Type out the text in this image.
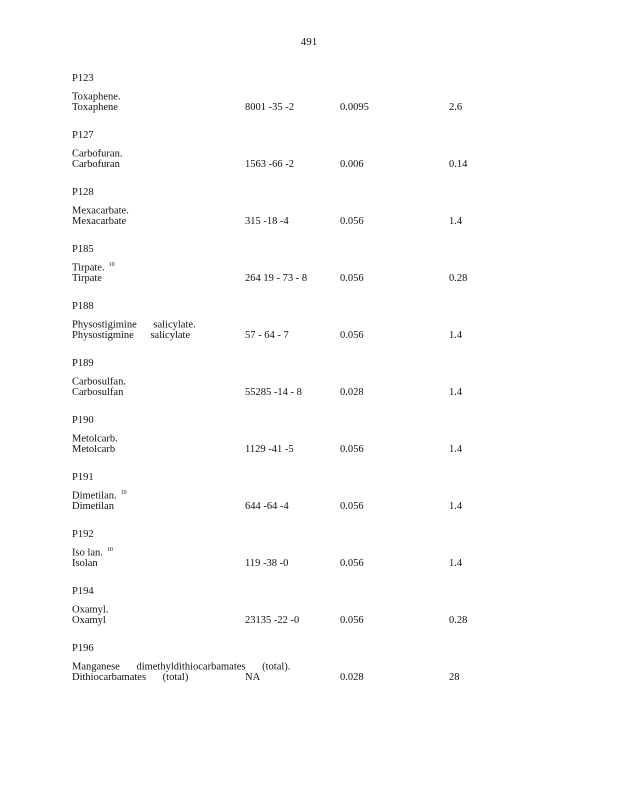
491
P123
Toxaphene.
Toxaphene	8001 -35 -2	0.0095	2.6
P127
Carbofuran.
Carbofuran	1563 -66 -2	0.006	0.14
P128
Mexacarbate.
Mexacarbate	315 -18 -4	0.056	1.4
P185
Tirpate. $^{10}$
Tirpate	264 19 - 73 - 8	0.056	0.28
P188
Physostigimine salicylate.
Physostigmine salicylate	57 - 64 - 7	0.056	1.4
P189
Carbosulfan.
Carbosulfan	55285 -14 - 8	0.028	1.4
P190
Metolcarb.
Metolcarb	1129 -41 -5	0.056	1.4
P191
Dimetilan. $^{10}$
Dimetilan	644 -64 -4	0.056	1.4
P192
Iso lan. $^{10}$
Isolan	119 -38 -0	0.056	1.4
P194
Oxamyl.
Oxamyl	23135 -22 -0	0.056	0.28
P196
Manganese dimethyldithiocarbamates (total).
Dithiocarbamates (total)	NA	0.028	28
